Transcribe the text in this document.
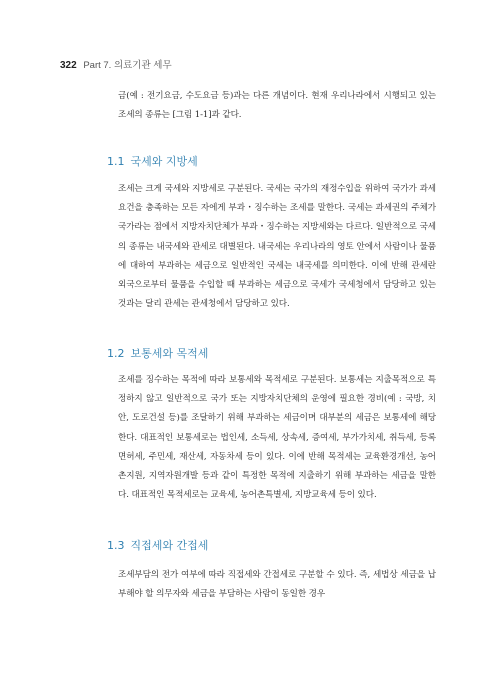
322 Part 7. 의료기관 세무
금(예 : 전기요금, 수도요금 등)과는 다른 개념이다. 현재 우리나라에서 시행되고 있는 조세의 종류는 [그림 1-1]과 같다.
1.1 국세와 지방세
조세는 크게 국세와 지방세로 구분된다. 국세는 국가의 재정수입을 위하여 국가가 과세요건을 충족하는 모든 자에게 부과・징수하는 조세를 말한다. 국세는 과세권의 주체가 국가라는 점에서 지방자치단체가 부과・징수하는 지방세와는 다르다. 일반적으로 국세의 종류는 내국세와 관세로 대별된다. 내국세는 우리나라의 영토 안에서 사람이나 물품에 대하여 부과하는 세금으로 일반적인 국세는 내국세를 의미한다. 이에 반해 관세란 외국으로부터 물품을 수입할 때 부과하는 세금으로 국세가 국세청에서 담당하고 있는 것과는 달리 관세는 관세청에서 담당하고 있다.
1.2 보통세와 목적세
조세를 징수하는 목적에 따라 보통세와 목적세로 구분된다. 보통세는 지출목적으로 특정하지 않고 일반적으로 국가 또는 지방자치단체의 운영에 필요한 경비(예 : 국방, 치안, 도로건설 등)를 조달하기 위해 부과하는 세금이며 대부분의 세금은 보통세에 해당한다. 대표적인 보통세로는 법인세, 소득세, 상속세, 증여세, 부가가치세, 취득세, 등록면허세, 주민세, 재산세, 자동차세 등이 있다. 이에 반해 목적세는 교육환경개선, 농어촌지원, 지역자원개발 등과 같이 특정한 목적에 지출하기 위해 부과하는 세금을 말한다. 대표적인 목적세로는 교육세, 농어촌특별세, 지방교육세 등이 있다.
1.3 직접세와 간접세
조세부담의 전가 여부에 따라 직접세와 간접세로 구분할 수 있다. 즉, 세법상 세금을 납부해야 할 의무자와 세금을 부담하는 사람이 동일한 경우
